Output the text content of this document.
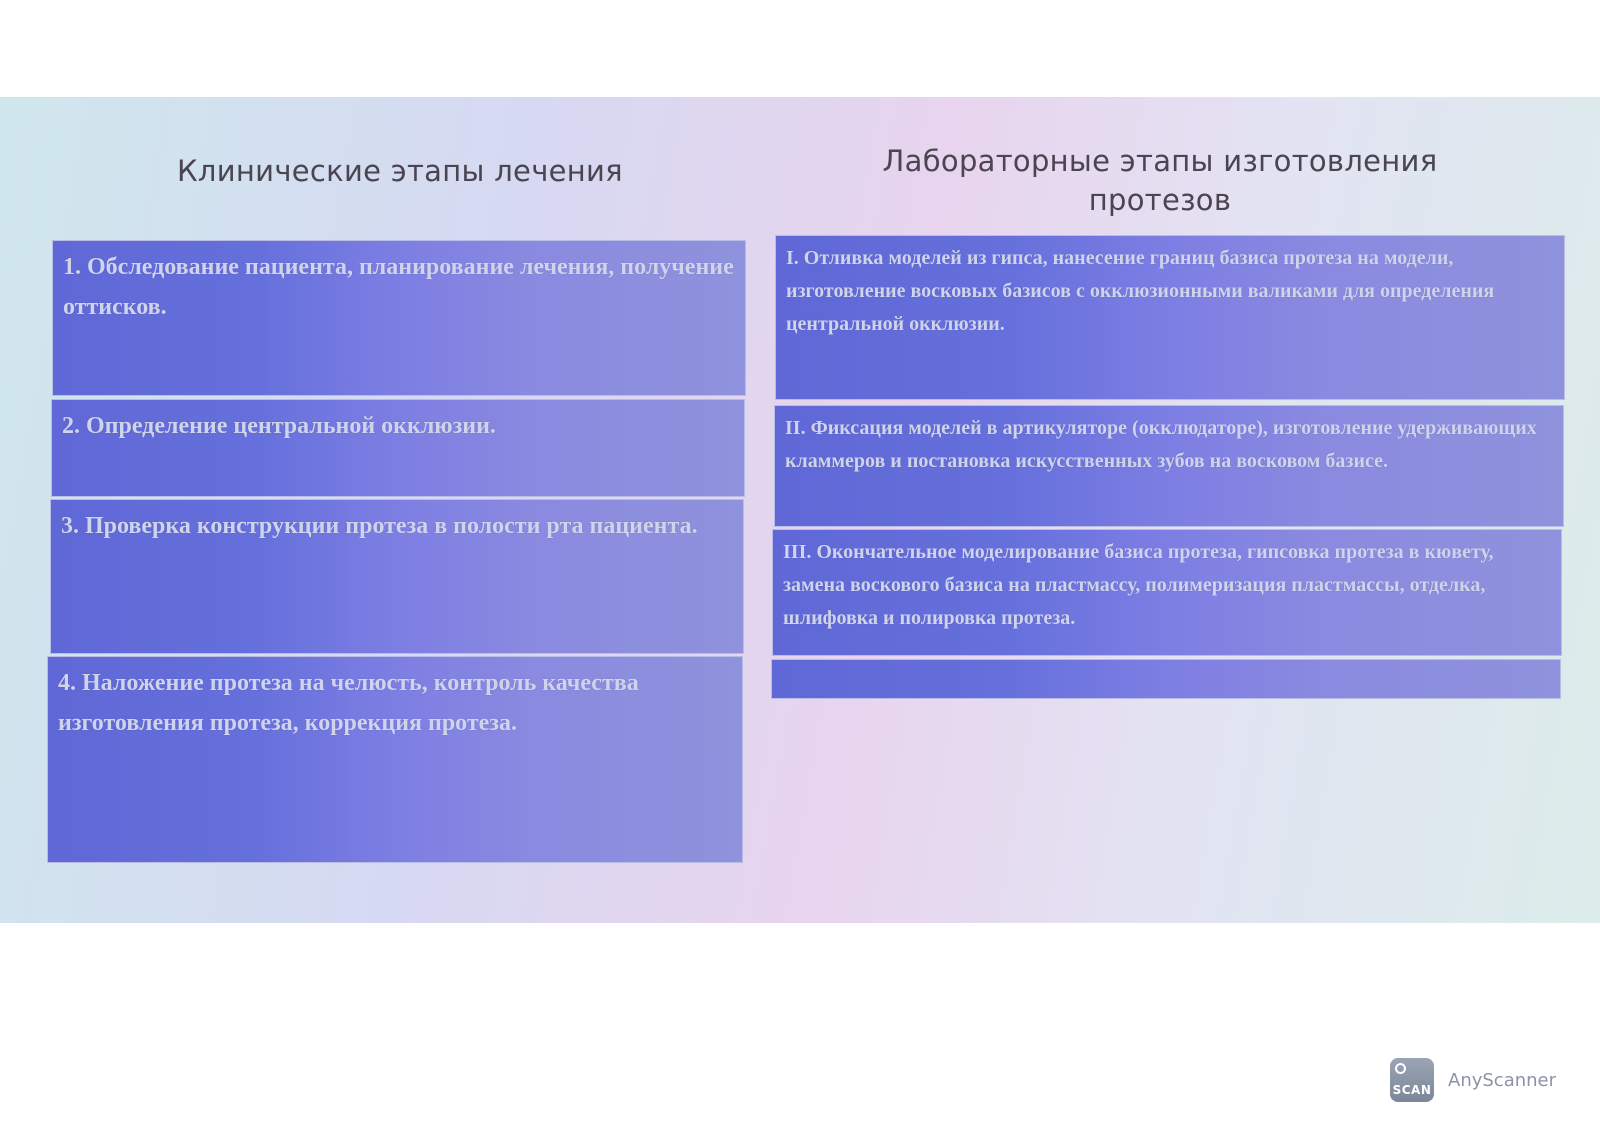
Клинические этапы лечения	Лабораторные этапы изготовления протезов
1. Обследование пациента, планирование лечения, получение оттисков.
2. Определение центральной окклюзии.
3. Проверка конструкции протеза в полости рта пациента.
4. Наложение протеза на челюсть, контроль качества изготовления протеза, коррекция протеза.
I. Отливка моделей из гипса, нанесение границ базиса протеза на модели, изготовление восковых базисов с окклюзионными валиками для определения центральной окклюзии.
II. Фиксация моделей в артикуляторе (окклюдаторе), изготовление удерживающих кламмеров и постановка искусственных зубов на восковом базисе.
III. Окончательное моделирование базиса протеза, гипсовка протеза в кювету, замена воскового базиса на пластмассу, полимеризация пластмассы, отделка, шлифовка и полировка протеза.
SCAN AnyScanner
